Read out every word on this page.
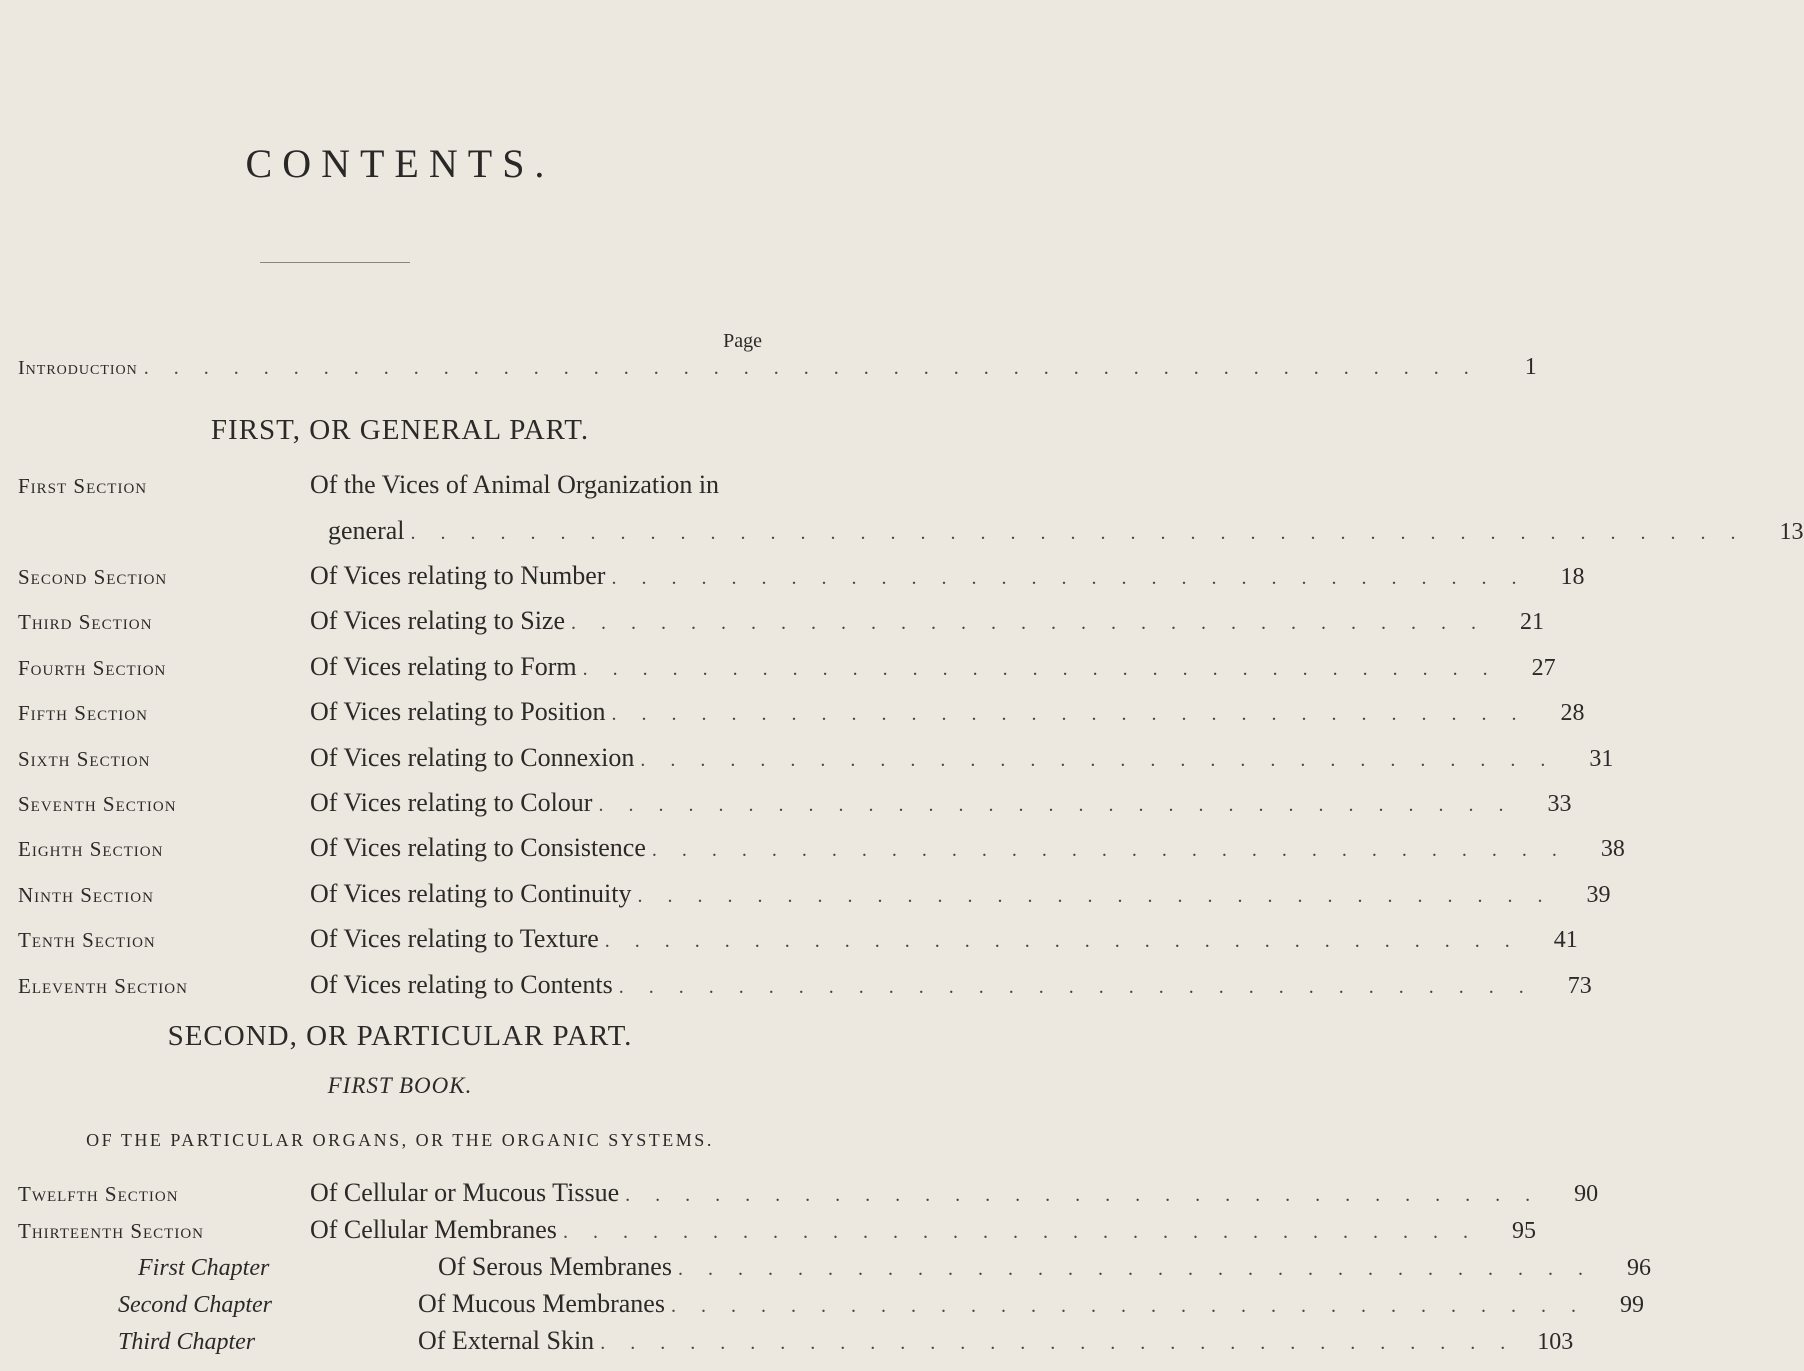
CONTENTS.
Page
Introduction . . . . . . . . . . . . . . . . . . . . . . . . . . . . . . . . . . . . . . . . . . . . .	1
FIRST, OR GENERAL PART.
First Section	Of the Vices of Animal Organization in
general . . . . . . . . . . . . . . . . . . . . . . . . . . . . . . . . . . . . . . . . . . . . .	13
Second Section	Of Vices relating to Number . . . . . . . . . . . . . . . . . . . . . . . . . . . . . . .	18
Third Section	Of Vices relating to Size . . . . . . . . . . . . . . . . . . . . . . . . . . . . . . .	21
Fourth Section	Of Vices relating to Form . . . . . . . . . . . . . . . . . . . . . . . . . . . . . . .	27
Fifth Section	Of Vices relating to Position . . . . . . . . . . . . . . . . . . . . . . . . . . . . . . .	28
Sixth Section	Of Vices relating to Connexion . . . . . . . . . . . . . . . . . . . . . . . . . . . . . . .	31
Seventh Section	Of Vices relating to Colour . . . . . . . . . . . . . . . . . . . . . . . . . . . . . . .	33
Eighth Section	Of Vices relating to Consistence . . . . . . . . . . . . . . . . . . . . . . . . . . . . . . .	38
Ninth Section	Of Vices relating to Continuity . . . . . . . . . . . . . . . . . . . . . . . . . . . . . . .	39
Tenth Section	Of Vices relating to Texture . . . . . . . . . . . . . . . . . . . . . . . . . . . . . . .	41
Eleventh Section	Of Vices relating to Contents . . . . . . . . . . . . . . . . . . . . . . . . . . . . . . .	73
SECOND, OR PARTICULAR PART.
FIRST BOOK.
OF THE PARTICULAR ORGANS, OR THE ORGANIC SYSTEMS.
Twelfth Section	Of Cellular or Mucous Tissue . . . . . . . . . . . . . . . . . . . . . . . . . . . . . . .	90
Thirteenth Section	Of Cellular Membranes . . . . . . . . . . . . . . . . . . . . . . . . . . . . . . .	95
First Chapter	Of Serous Membranes . . . . . . . . . . . . . . . . . . . . . . . . . . . . . . .	96
Second Chapter	Of Mucous Membranes . . . . . . . . . . . . . . . . . . . . . . . . . . . . . . .	99
Third Chapter	Of External Skin . . . . . . . . . . . . . . . . . . . . . . . . . . . . . . . 103
